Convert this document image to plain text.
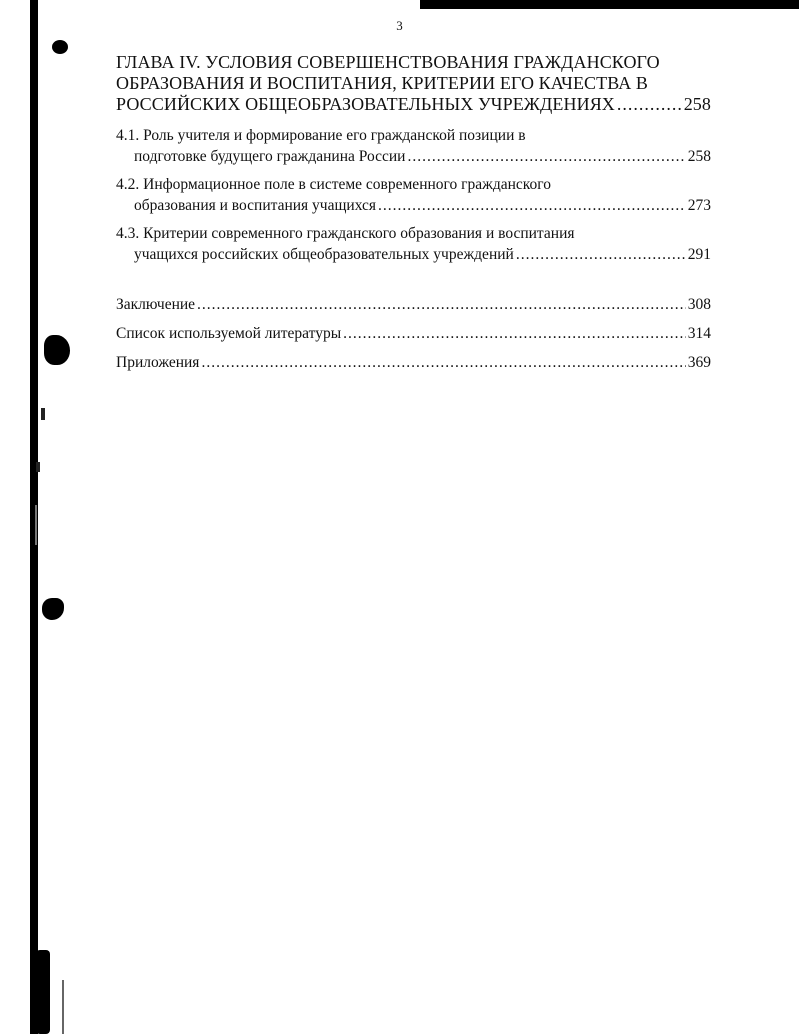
3
ГЛАВА IV. УСЛОВИЯ СОВЕРШЕНСТВОВАНИЯ ГРАЖДАНСКОГО
ОБРАЗОВАНИЯ И ВОСПИТАНИЯ, КРИТЕРИИ ЕГО КАЧЕСТВА В
РОССИЙСКИХ ОБЩЕОБРАЗОВАТЕЛЬНЫХ УЧРЕЖДЕНИЯХ .....	258
4.1. Роль учителя и формирование его гражданской позиции в
подготовке будущего гражданина России .....	258
4.2. Информационное поле в системе современного гражданского
образования и воспитания учащихся .....	273
4.3. Критерии современного гражданского образования и воспитания
учащихся российских общеобразовательных учреждений .....	291
Заключение .....	308
Список используемой литературы .....	314
Приложения .....	369
